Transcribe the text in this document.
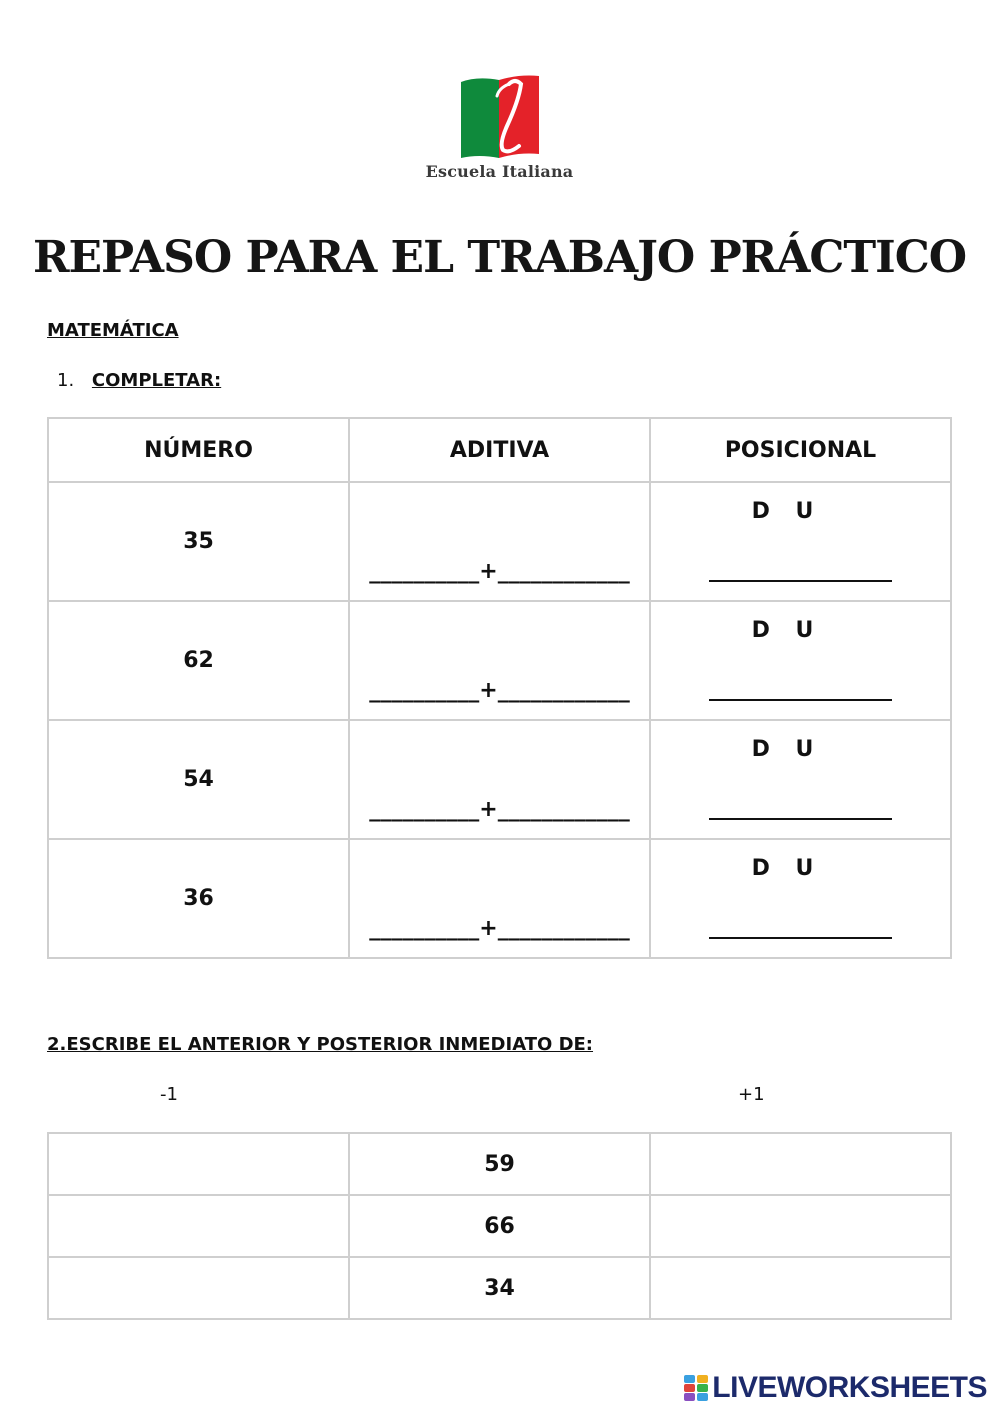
Escuela Italiana
REPASO PARA EL TRABAJO PRÁCTICO
MATEMÁTICA
1. COMPLETAR:
NÚMERO	ADITIVA	POSICIONAL
35	__________+____________	D U

62	__________+____________	D U

54	__________+____________	D U

36	__________+____________	D U
2.ESCRIBE EL ANTERIOR Y POSTERIOR INMEDIATO DE:
-1	+1
	59	
	66	
	34	
LIVEWORKSHEETS
